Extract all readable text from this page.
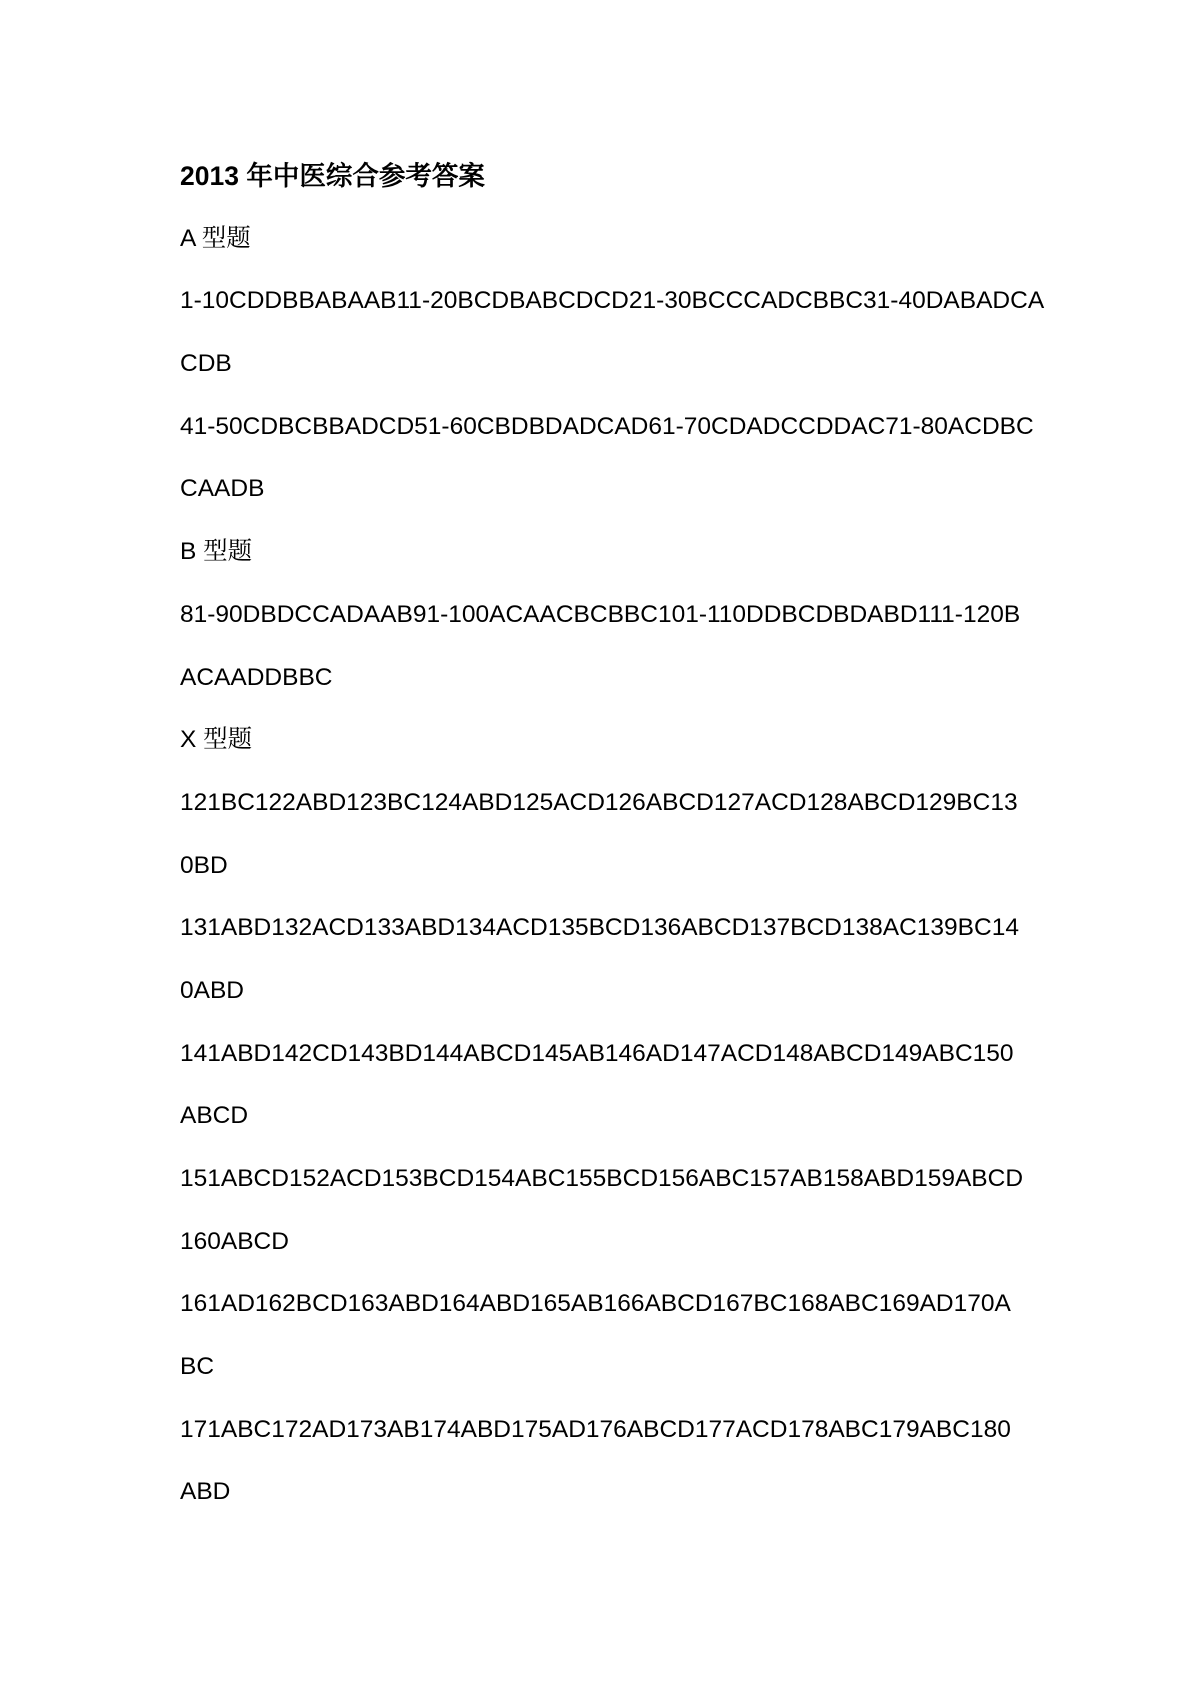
2013 年中医综合参考答案
A 型题
1-10CDDBBABAAB11-20BCDBABCDCD21-30BCCCADCBBC31-40DABADCA
CDB
41-50CDBCBBADCD51-60CBDBDADCAD61-70CDADCCDDAC71-80ACDBC
CAADB
B 型题
81-90DBDCCADAAB91-100ACAACBCBBC101-110DDBCDBDABD111-120B
ACAADDBBC
X 型题
121BC122ABD123BC124ABD125ACD126ABCD127ACD128ABCD129BC13
0BD
131ABD132ACD133ABD134ACD135BCD136ABCD137BCD138AC139BC14
0ABD
141ABD142CD143BD144ABCD145AB146AD147ACD148ABCD149ABC150
ABCD
151ABCD152ACD153BCD154ABC155BCD156ABC157AB158ABD159ABCD
160ABCD
161AD162BCD163ABD164ABD165AB166ABCD167BC168ABC169AD170A
BC
171ABC172AD173AB174ABD175AD176ABCD177ACD178ABC179ABC180
ABD
